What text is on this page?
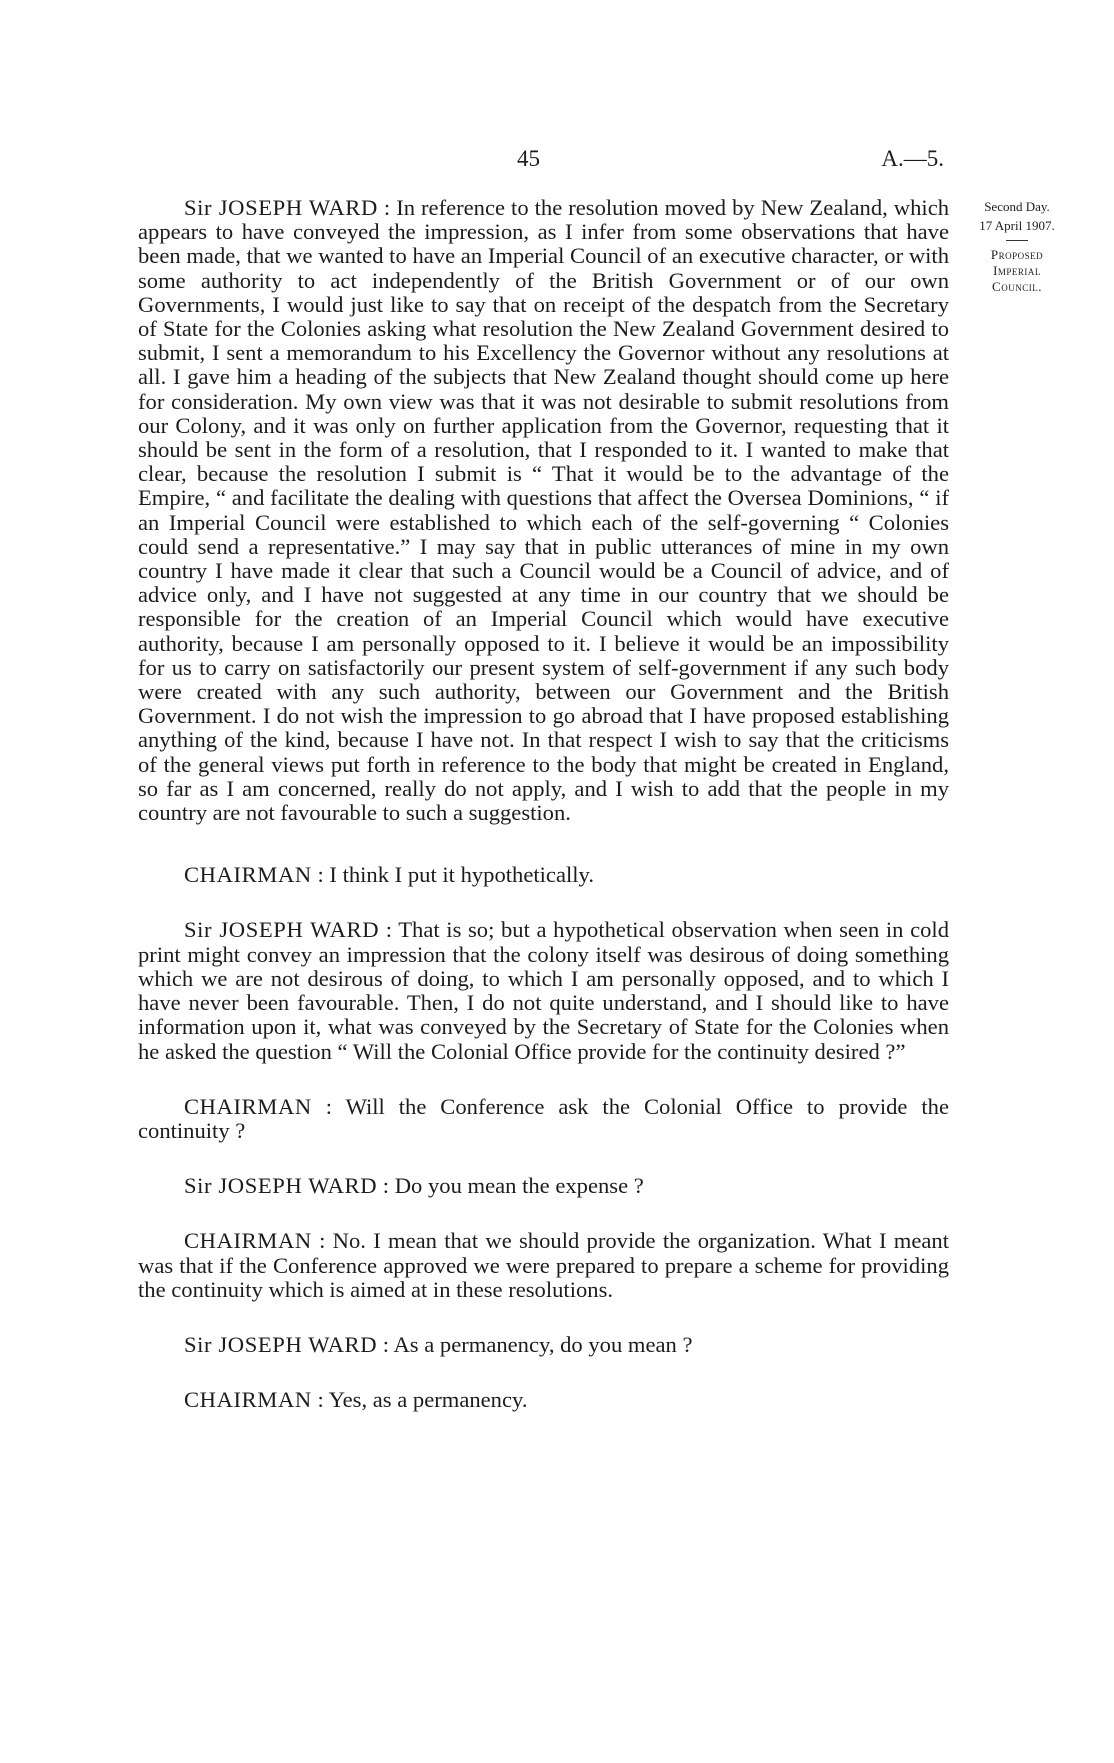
45	A.—5.
Second Day.
17 April 1907.
Proposed
Imperial
Council.

Sir JOSEPH WARD : In reference to the resolution moved by New Zealand, which appears to have conveyed the impression, as I infer from some observations that have been made, that we wanted to have an Imperial Council of an executive character, or with some authority to act independently of the British Government or of our own Governments, I would just like to say that on receipt of the despatch from the Secretary of State for the Colonies asking what resolution the New Zealand Government desired to submit, I sent a memorandum to his Excellency the Governor without any resolutions at all. I gave him a heading of the subjects that New Zealand thought should come up here for consideration. My own view was that it was not desirable to submit resolutions from our Colony, and it was only on further application from the Governor, requesting that it should be sent in the form of a resolution, that I responded to it. I wanted to make that clear, because the resolution I submit is “ That it would be to the advantage of the Empire, “ and facilitate the dealing with questions that affect the Oversea Dominions, “ if an Imperial Council were established to which each of the self-governing “ Colonies could send a representative.” I may say that in public utterances of mine in my own country I have made it clear that such a Council would be a Council of advice, and of advice only, and I have not suggested at any time in our country that we should be responsible for the creation of an Imperial Council which would have executive authority, because I am personally opposed to it. I believe it would be an impossibility for us to carry on satisfactorily our present system of self-government if any such body were created with any such authority, between our Government and the British Government. I do not wish the impression to go abroad that I have proposed establishing anything of the kind, because I have not. In that respect I wish to say that the criticisms of the general views put forth in reference to the body that might be created in England, so far as I am concerned, really do not apply, and I wish to add that the people in my country are not favourable to such a suggestion.

CHAIRMAN : I think I put it hypothetically.

Sir JOSEPH WARD : That is so; but a hypothetical observation when seen in cold print might convey an impression that the colony itself was desirous of doing something which we are not desirous of doing, to which I am personally opposed, and to which I have never been favourable. Then, I do not quite understand, and I should like to have information upon it, what was conveyed by the Secretary of State for the Colonies when he asked the question “ Will the Colonial Office provide for the continuity desired ?”

CHAIRMAN : Will the Conference ask the Colonial Office to provide the continuity ?

Sir JOSEPH WARD : Do you mean the expense ?

CHAIRMAN : No. I mean that we should provide the organization. What I meant was that if the Conference approved we were prepared to prepare a scheme for providing the continuity which is aimed at in these resolutions.

Sir JOSEPH WARD : As a permanency, do you mean ?

CHAIRMAN : Yes, as a permanency.
